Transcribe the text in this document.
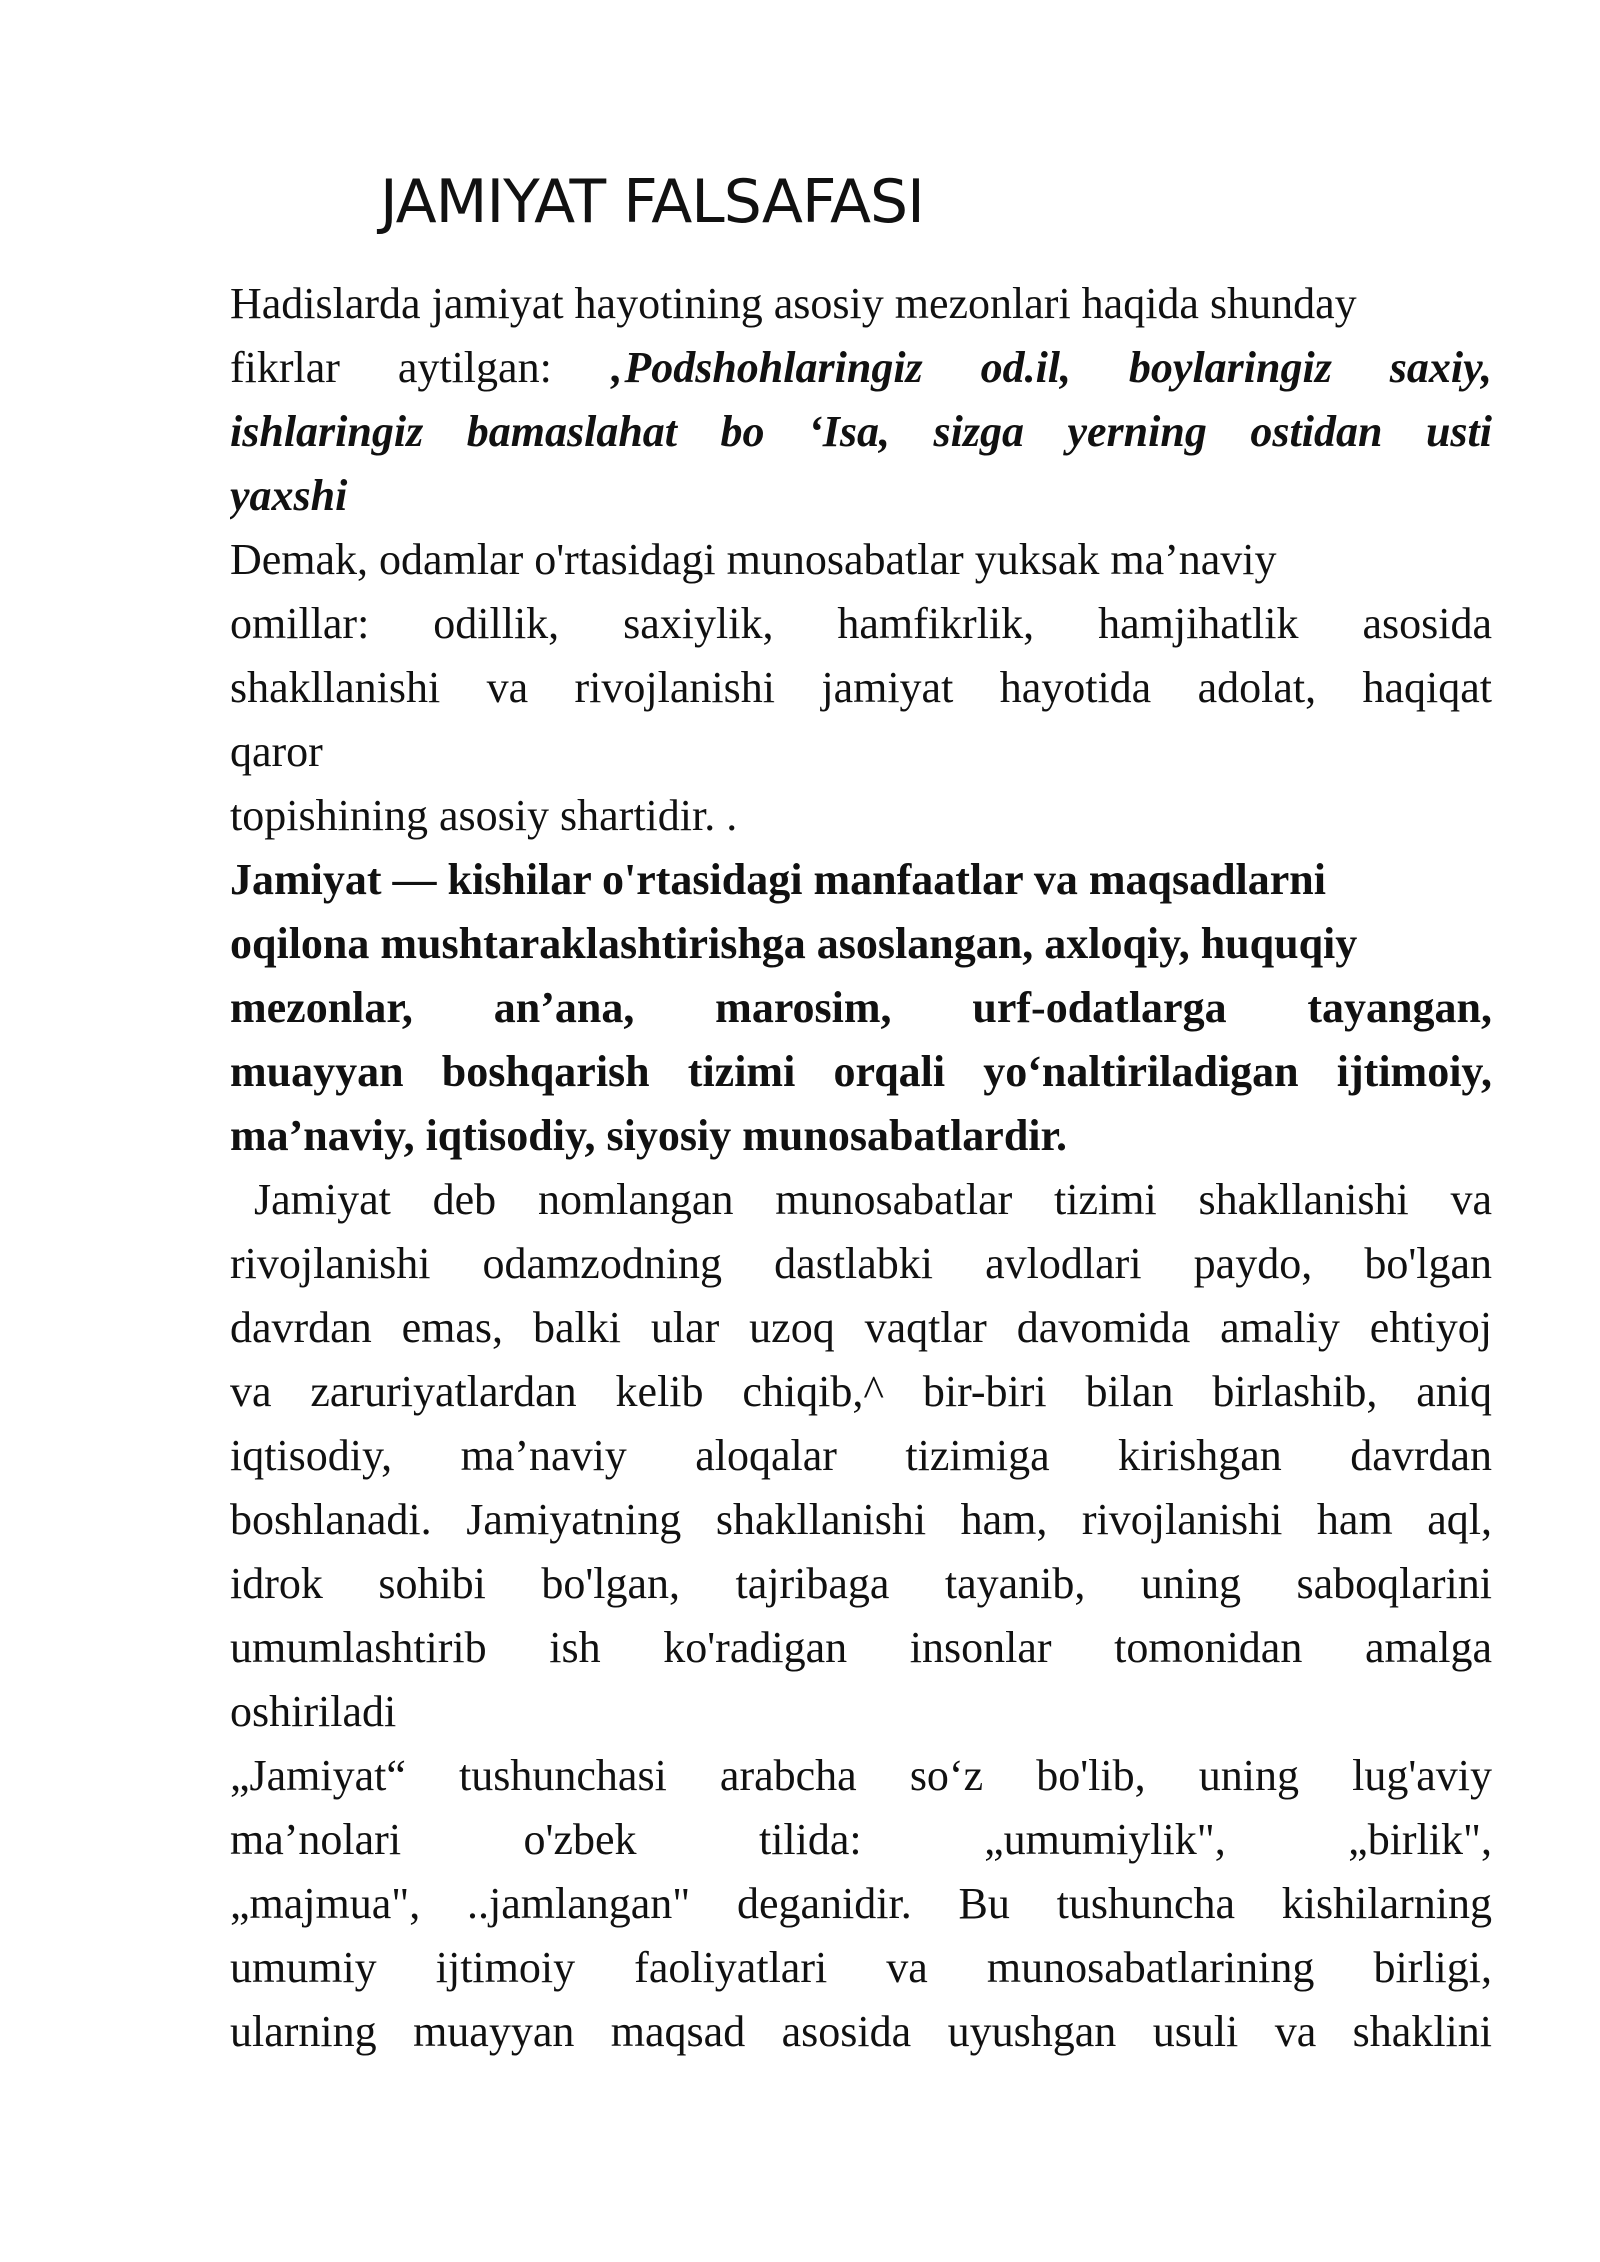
JAMIYAT FALSAFASI
Hadislarda jamiyat hayotining asosiy mezonlari haqida shunday
fikrlar aytilgan: ‚Podshohlaringiz od.il, boylaringiz saxiy,
ishlaringiz bamaslahat bo ‘Isa, sizga yerning ostidan usti
yaxshi
Demak, odamlar o'rtasidagi munosabatlar yuksak ma’naviy
omillar: odillik, saxiylik, hamfikrlik, hamjihatlik asosida
shakllanishi va rivojlanishi jamiyat hayotida adolat, haqiqat
qaror
topishining asosiy shartidir. .
Jamiyat — kishilar o'rtasidagi manfaatlar va maqsadlarni
oqilona mushtaraklashtirishga asoslangan, axloqiy, huquqiy
mezonlar, an’ana, marosim, urf-odatlarga tayangan,
muayyan boshqarish tizimi orqali yo‘naltiriladigan ijtimoiy,
ma’naviy, iqtisodiy, siyosiy munosabatlardir.
Jamiyat deb nomlangan munosabatlar tizimi shakllanishi va
rivojlanishi odamzodning dastlabki avlodlari paydo, bo'lgan
davrdan emas, balki ular uzoq vaqtlar davomida amaliy ehtiyoj
va zaruriyatlardan kelib chiqib,^ bir-biri bilan birlashib, aniq
iqtisodiy, ma’naviy aloqalar tizimiga kirishgan davrdan
boshlanadi. Jamiyatning shakllanishi ham, rivojlanishi ham aql,
idrok sohibi bo'lgan, tajribaga tayanib, uning saboqlarini
umumlashtirib ish ko'radigan insonlar tomonidan amalga
oshiriladi
„Jamiyat“ tushunchasi arabcha so‘z bo'lib, uning lug'aviy
ma’nolari o'zbek tilida: „umumiylik", „birlik",
„majmua", ..jamlangan" deganidir. Bu tushuncha kishilarning
umumiy ijtimoiy faoliyatlari va munosabatlarining birligi,
ularning muayyan maqsad asosida uyushgan usuli va shaklini
